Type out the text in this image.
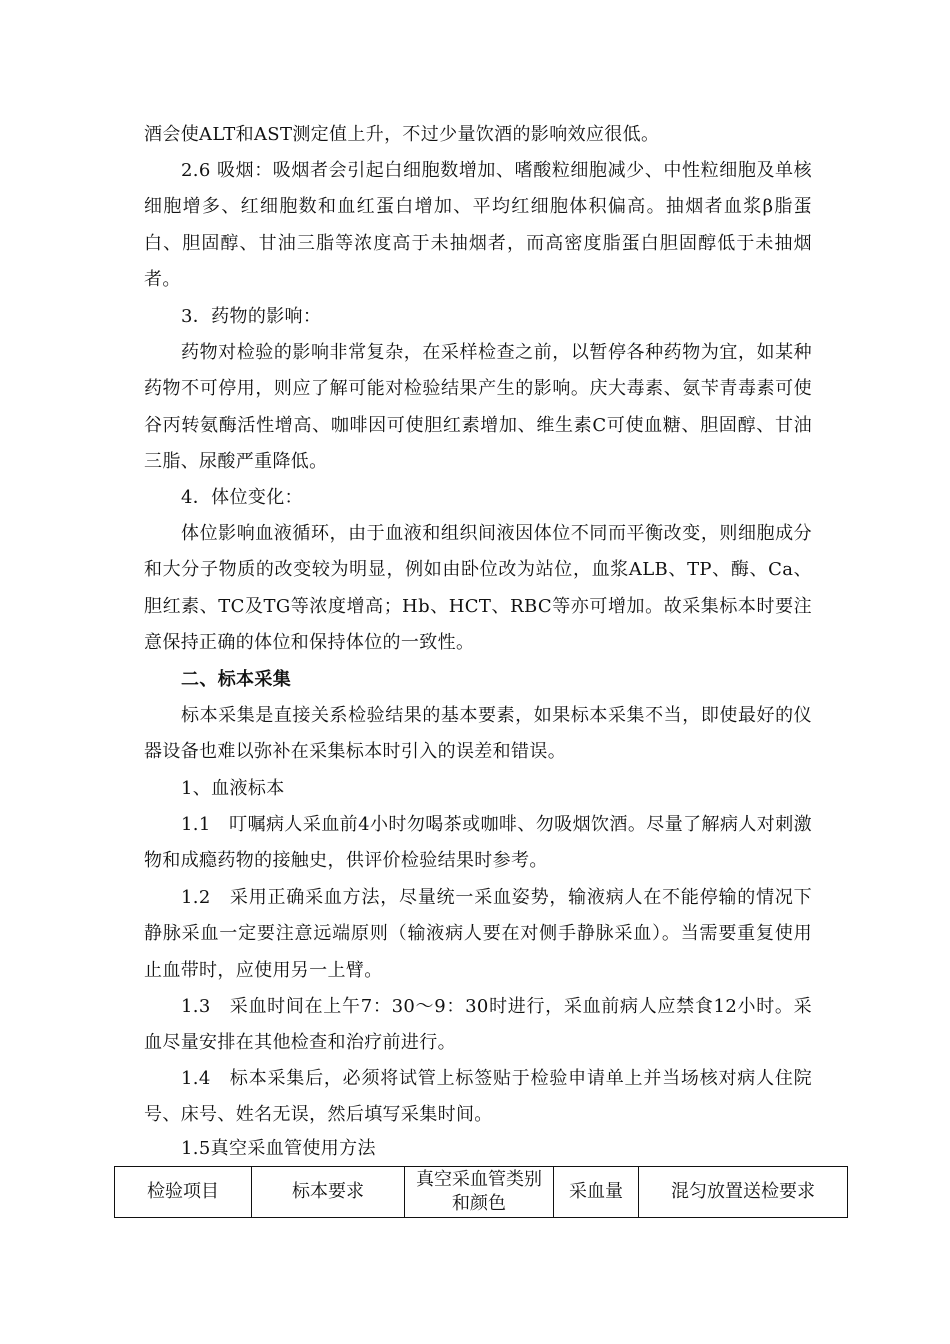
酒会使ALT和AST测定值上升，不过少量饮酒的影响效应很低。

2.6 吸烟：吸烟者会引起白细胞数增加、嗜酸粒细胞减少、中性粒细胞及单核细胞增多、红细胞数和血红蛋白增加、平均红细胞体积偏高。抽烟者血浆β脂蛋白、胆固醇、甘油三脂等浓度高于未抽烟者，而高密度脂蛋白胆固醇低于未抽烟者。

3．药物的影响：

药物对检验的影响非常复杂，在采样检查之前，以暂停各种药物为宜，如某种药物不可停用，则应了解可能对检验结果产生的影响。庆大毒素、氨苄青毒素可使谷丙转氨酶活性增高、咖啡因可使胆红素增加、维生素C可使血糖、胆固醇、甘油三脂、尿酸严重降低。

4．体位变化：

体位影响血液循环，由于血液和组织间液因体位不同而平衡改变，则细胞成分和大分子物质的改变较为明显，例如由卧位改为站位，血浆ALB、TP、酶、Ca、胆红素、TC及TG等浓度增高；Hb、HCT、RBC等亦可增加。故采集标本时要注意保持正确的体位和保持体位的一致性。

二、标本采集

标本采集是直接关系检验结果的基本要素，如果标本采集不当，即使最好的仪器设备也难以弥补在采集标本时引入的误差和错误。

1、血液标本

1.1　叮嘱病人采血前4小时勿喝茶或咖啡、勿吸烟饮酒。尽量了解病人对刺激物和成瘾药物的接触史，供评价检验结果时参考。

1.2　采用正确采血方法，尽量统一采血姿势，输液病人在不能停输的情况下静脉采血一定要注意远端原则（输液病人要在对侧手静脉采血）。当需要重复使用止血带时，应使用另一上臂。

1.3　采血时间在上午7：30～9：30时进行，采血前病人应禁食12小时。采血尽量安排在其他检查和治疗前进行。

1.4　标本采集后，必须将试管上标签贴于检验申请单上并当场核对病人住院号、床号、姓名无误，然后填写采集时间。

1.5真空采血管使用方法

检验项目	标本要求	真空采血管类别和颜色	采血量	混匀放置送检要求
